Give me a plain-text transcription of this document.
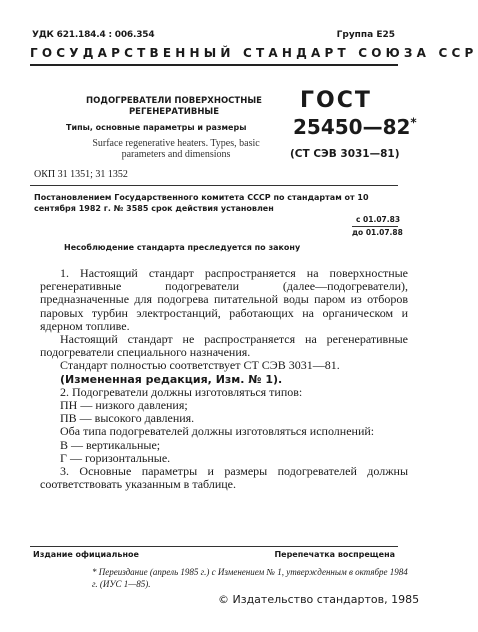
УДК 621.184.4 : 006.354	Группа Е25
ГОСУДАРСТВЕННЫЙ СТАНДАРТ СОЮЗА ССР
ПОДОГРЕВАТЕЛИ ПОВЕРХНОСТНЫЕ РЕГЕНЕРАТИВНЫЕ
Типы, основные параметры и размеры
Surface regenerative heaters. Types, basic parameters and dimensions
ГОСТ
25450—82*
(СТ СЭВ 3031—81)
ОКП 31 1351; 31 1352
Постановлением Государственного комитета СССР по стандартам от 10 сентября 1982 г. № 3585 срок действия установлен
с 01.07.83
до 01.07.88
Несоблюдение стандарта преследуется по закону

1. Настоящий стандарт распространяется на поверхностные регенеративные подогреватели (далее—подогреватели), предназначенные для подогрева питательной воды паром из отборов паровых турбин электростанций, работающих на органическом и ядерном топливе.

Настоящий стандарт не распространяется на регенеративные подогреватели специального назначения.

Стандарт полностью соответствует СТ СЭВ 3031—81.

(Измененная редакция, Изм. № 1).

2. Подогреватели должны изготовляться типов:

ПН — низкого давления;

ПВ — высокого давления.

Оба типа подогревателей должны изготовляться исполнений:

В — вертикальные;

Г — горизонтальные.

3. Основные параметры и размеры подогревателей должны соответствовать указанным в таблице.

Издание официальное	Перепечатка воспрещена
* Переиздание (апрель 1985 г.) с Изменением № 1, утвержденным в октябре 1984 г. (ИУС 1—85).
© Издательство стандартов, 1985
